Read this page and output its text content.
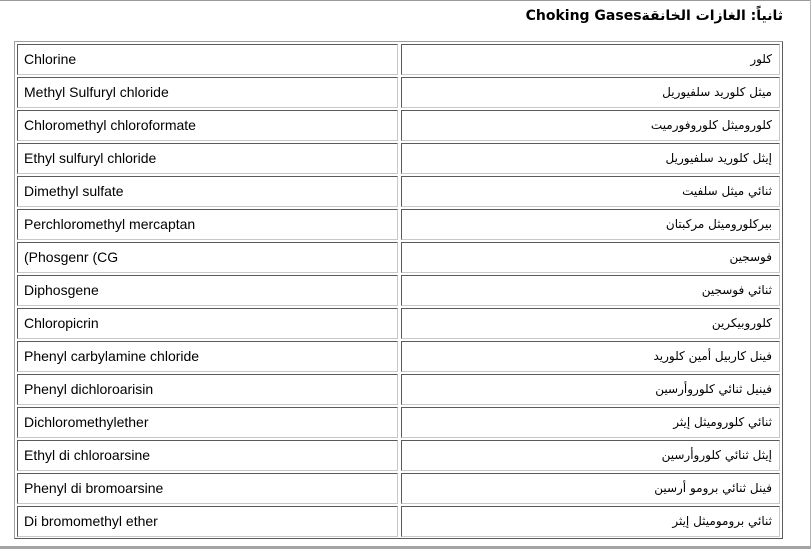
ثانياً: الغازات الخانقةChoking Gases
Chlorine	كلور
Methyl Sulfuryl chloride	ميثل كلوريد سلفيوريل
Chloromethyl chloroformate	كلوروميثل كلوروفورميت
Ethyl sulfuryl chloride	إيثل كلوريد سلفيوريل
Dimethyl sulfate	ثنائي ميثل سلفيت
Perchloromethyl mercaptan	بيركلوروميثل مركبتان
(Phosgenr (CG	فوسجين
Diphosgene	ثنائي فوسجين
Chloropicrin	كلوروبيكرين
Phenyl carbylamine chloride	فينل كاربيل أمين كلوريد
Phenyl dichloroarisin	فينيل ثنائي كلوروأرسين
Dichloromethylether	ثنائي كلوروميثل إيثر
Ethyl di chloroarsine	إيثل ثنائي كلوروأرسين
Phenyl di bromoarsine	فينل ثنائي برومو أرسين
Di bromomethyl ether	ثنائي بروموميثل إيثر
